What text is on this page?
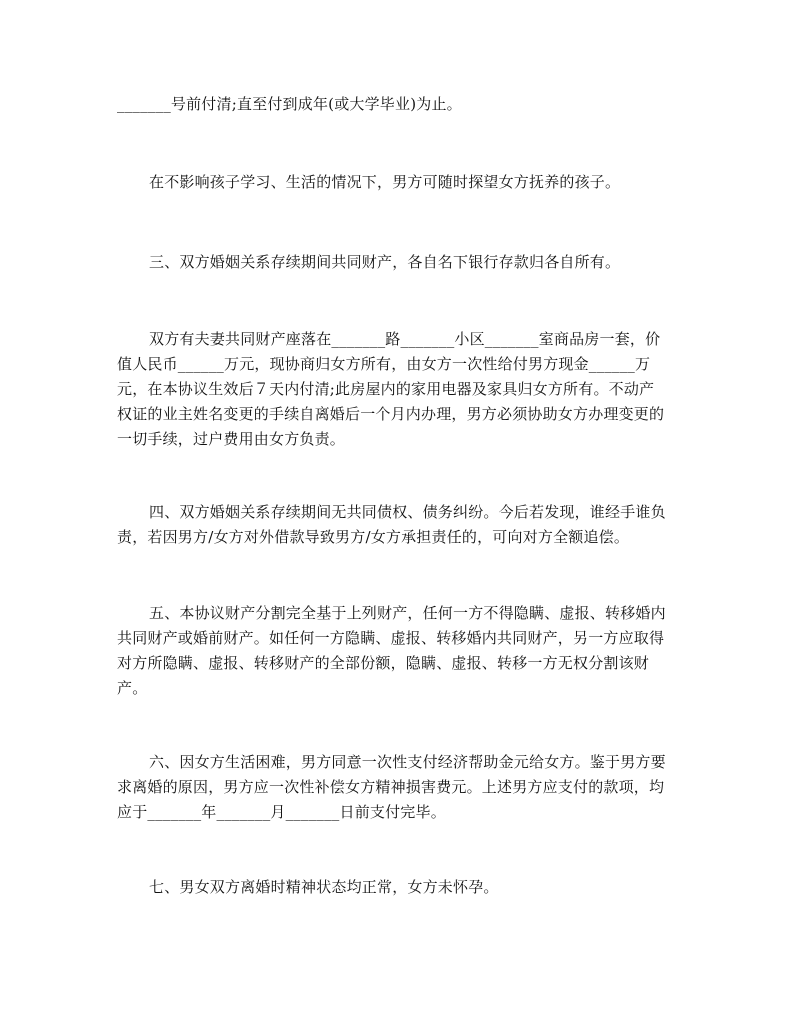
_______号前付清;直至付到成年(或大学毕业)为止。
在不影响孩子学习、生活的情况下，男方可随时探望女方抚养的孩子。
三、双方婚姻关系存续期间共同财产，各自名下银行存款归各自所有。
双方有夫妻共同财产座落在_______路_______小区_______室商品房一套，价
值人民币______万元，现协商归女方所有，由女方一次性给付男方现金______万
元，在本协议生效后７天内付清;此房屋内的家用电器及家具归女方所有。不动产
权证的业主姓名变更的手续自离婚后一个月内办理，男方必须协助女方办理变更的
一切手续，过户费用由女方负责。
四、双方婚姻关系存续期间无共同债权、债务纠纷。今后若发现，谁经手谁负
责，若因男方/女方对外借款导致男方/女方承担责任的，可向对方全额追偿。
五、本协议财产分割完全基于上列财产，任何一方不得隐瞒、虚报、转移婚内
共同财产或婚前财产。如任何一方隐瞒、虚报、转移婚内共同财产，另一方应取得
对方所隐瞒、虚报、转移财产的全部份额，隐瞒、虚报、转移一方无权分割该财
产。
六、因女方生活困难，男方同意一次性支付经济帮助金元给女方。鉴于男方要
求离婚的原因，男方应一次性补偿女方精神损害费元。上述男方应支付的款项，均
应于_______年_______月_______日前支付完毕。
七、男女双方离婚时精神状态均正常，女方未怀孕。
